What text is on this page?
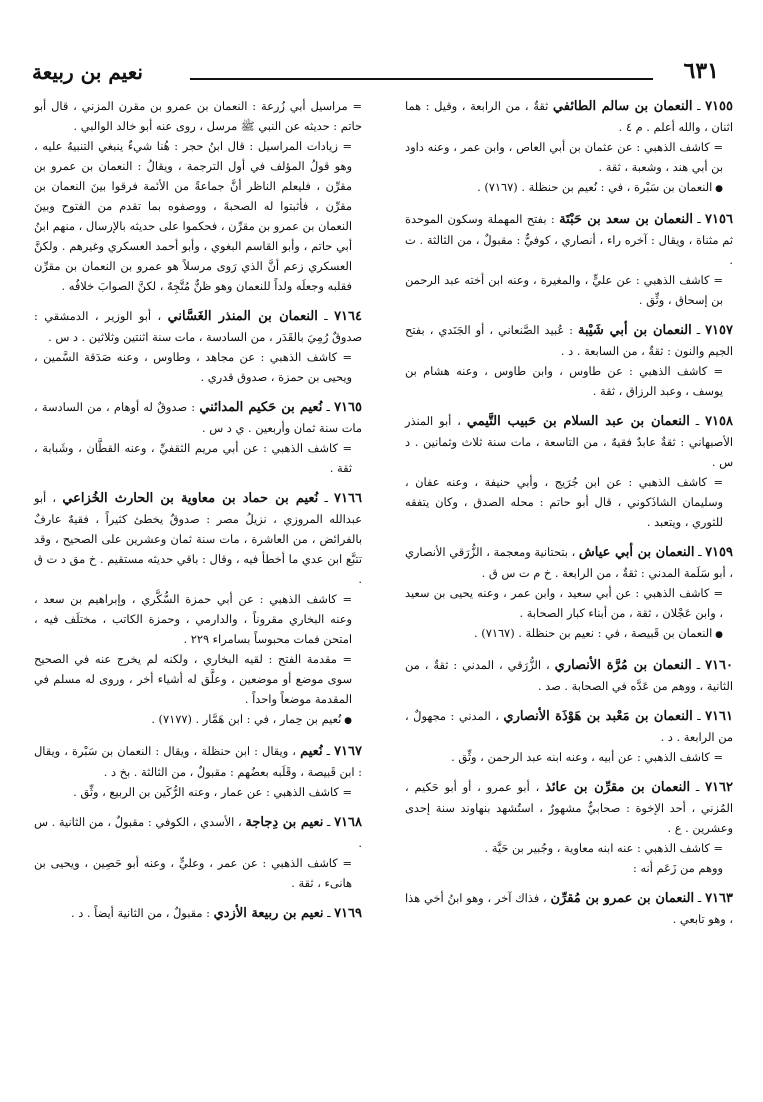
٦٣١
نعيم بن ربيعة

٧١٥٥ ـ النعمان بن سالم الطائفي ثقةٌ ، من الرابعة ، وقيل : هما اثنان ، والله أعلم . م ٤ .

= كاشف الذهبي : عن عثمان بن أبي العاص ، وابن عمر ، وعنه داود بن أبي هند ، وشعبة ، ثقة .

● النعمان بن سَبْرة ، في : نُعيم بن حنظلة . (٧١٦٧) .

٧١٥٦ ـ النعمان بن سعد بن حَبْتَة : بفتح المهملة وسكون الموحدة ثم مثناة ، ويقال : آخره راء ، أنصاري ، كوفيٌّ : مقبولٌ ، من الثالثة . ت .

= كاشف الذهبي : عن عليٍّ ، والمغيرة ، وعنه ابن أخته عبد الرحمن بن إسحاق ، وثِّق .

٧١٥٧ ـ النعمان بن أبي شَيْبة : عُبيد الصَّنعاني ، أو الجَنَدي ، بفتح الجيم والنون : ثقةٌ ، من السابعة . د .

= كاشف الذهبي : عن طاوس ، وابن طاوس ، وعنه هشام بن يوسف ، وعبد الرزاق ، ثقة .

٧١٥٨ ـ النعمان بن عبد السلام بن حَبيب التَّيمي ، أبو المنذر الأصبهاني : ثقةٌ عابدٌ فقيهٌ ، من التاسعة ، مات سنة ثلاث وثمانين . د س .

= كاشف الذهبي : عن ابن جُرَيج ، وأبي حنيفة ، وعنه عفان ، وسليمان الشاذَكوني ، قال أبو حاتم : محله الصدق ، وكان يتفقه للثوري ، ويتعبد .

٧١٥٩ ـ النعمان بن أبي عياش ، بتحتانية ومعجمة ، الزُّرَقي الأنصاري ، أبو سَلَمة المدني : ثقةٌ ، من الرابعة . خ م ت س ق .

= كاشف الذهبي : عن أبي سعيد ، وابن عمر ، وعنه يحيى بن سعيد ، وابن عَجْلان ، ثقة ، من أبناء كبار الصحابة .

● النعمان بن قَبيصة ، في : نعيم بن حنظلة . (٧١٦٧) .

٧١٦٠ ـ النعمان بن مُرَّة الأنصاري ، الزُّرَقي ، المدني : ثقةٌ ، من الثانية ، ووهم من عَدَّه في الصحابة . صد .

٧١٦١ ـ النعمان بن مَعْبد بن هَوْذَة الأنصاري ، المدني : مجهولٌ ، من الرابعة . د .

= كاشف الذهبي : عن أبيه ، وعنه ابنه عبد الرحمن ، وثِّق .

٧١٦٢ ـ النعمان بن مقرِّن بن عائذ ، أبو عمرو ، أو أبو حَكيم ، المُزني ، أحد الإخوة : صحابيٌّ مشهورٌ ، استُشهد بنهاوند سنة إحدى وعشرين . ع .

= كاشف الذهبي : عنه ابنه معاوية ، وجُبير بن حَيَّة .

ووهم من زَعَم أنه :

٧١٦٣ ـ النعمان بن عمرو بن مُقرِّن ، فذاك آخر ، وهو ابنُ أخي هذا ، وهو تابعي .

= مراسيل أبي زُرعة : النعمان بن عمرو بن مقرن المزني ، قال أبو حاتم : حديثه عن النبي ﷺ مرسل ، روى عنه أبو خالد الوالبي .

= زيادات المراسيل : قال ابنُ حجر : هُنا شيءٌ ينبغي التنبيهُ عليه ، وهو قولُ المؤلف في أول الترجمة ، ويقالُ : النعمان بن عمرو بن مقرِّن ، فليعلم الناظر أنَّ جماعةً من الأئمة فرقوا بينَ النعمان بن مقرِّن ، فأثبتوا له الصحبةَ ، ووصفوه بما تقدم من الفتوح وبينَ النعمان بن عمرو بن مقرِّن ، فحكموا على حديثه بالإرسال ، منهم ابنُ أبي حاتم ، وأبو القاسم البغوي ، وأبو أحمد العسكري وغيرهم . ولكنَّ العسكري زعم أنَّ الذي رَوى مرسلاً هو عمرو بن النعمان بن مقرِّن فقلبه وجعلَه ولداً للنعمان وهو ظنٌّ مُتَّجِهٌ ، لكنَّ الصوابَ خلافُه .

٧١٦٤ ـ النعمان بن المنذر الغَسَّاني ، أبو الوزير ، الدمشقي : صدوقٌ رُمِيَ بالقَدَر ، من السادسة ، مات سنة اثنتين وثلاثين . د س .

= كاشف الذهبي : عن مجاهد ، وطاوس ، وعنه صَدَقة السَّمين ، ويحيى بن حمزة ، صدوق قدري .

٧١٦٥ ـ نُعيم بن حَكيم المدائني : صدوقٌ له أوهام ، من السادسة ، مات سنة ثمان وأربعين . ي د س .

= كاشف الذهبي : عن أبي مريم الثقفيِّ ، وعنه القطَّان ، وشَبابة ، ثقة .

٧١٦٦ ـ نُعيم بن حماد بن معاوية بن الحارث الخُزاعي ، أبو عبدالله المروزي ، نزيلُ مصر : صدوقٌ يخطئ كثيراً ، فقيهٌ عارفٌ بالفرائض ، من العاشرة ، مات سنة ثمان وعشرين على الصحيح ، وقد تتبَّع ابن عدي ما أخطأ فيه ، وقال : باقي حديثه مستقيم . خ مق د ت ق .

= كاشف الذهبي : عن أبي حمزة السُّكَّري ، وإبراهيم بن سعد ، وعنه البخاري مقروناً ، والدارمي ، وحمزة الكاتب ، مختلَف فيه ، امتحن فمات محبوساً بسامراء ٢٢٩ .

= مقدمة الفتح : لقيه البخاري ، ولكنه لم يخرج عنه في الصحيح سوى موضع أو موضعين ، وعلَّق له أشياء أخر ، وروى له مسلم في المقدمة موضعاً واحداً .

● نُعيم بن حِمار ، في : ابن هَمَّار . (٧١٧٧) .

٧١٦٧ ـ نُعيم ، ويقال : ابن حنظلة ، ويقال : النعمان بن سَبْرة ، ويقال : ابن قَبيصة ، وقَلَبه بعضُهم : مقبولٌ ، من الثالثة . بخ د .

= كاشف الذهبي : عن عمار ، وعنه الرُّكَين بن الربيع ، وثِّق .

٧١٦٨ ـ نعيم بن دِجاجة ، الأسدي ، الكوفي : مقبولٌ ، من الثانية . س .

= كاشف الذهبي : عن عمر ، وعليٍّ ، وعنه أبو حَصِين ، ويحيى بن هانىء ، ثقة .

٧١٦٩ ـ نعيم بن ربيعة الأزدي : مقبولٌ ، من الثانية أيضاً . د .
